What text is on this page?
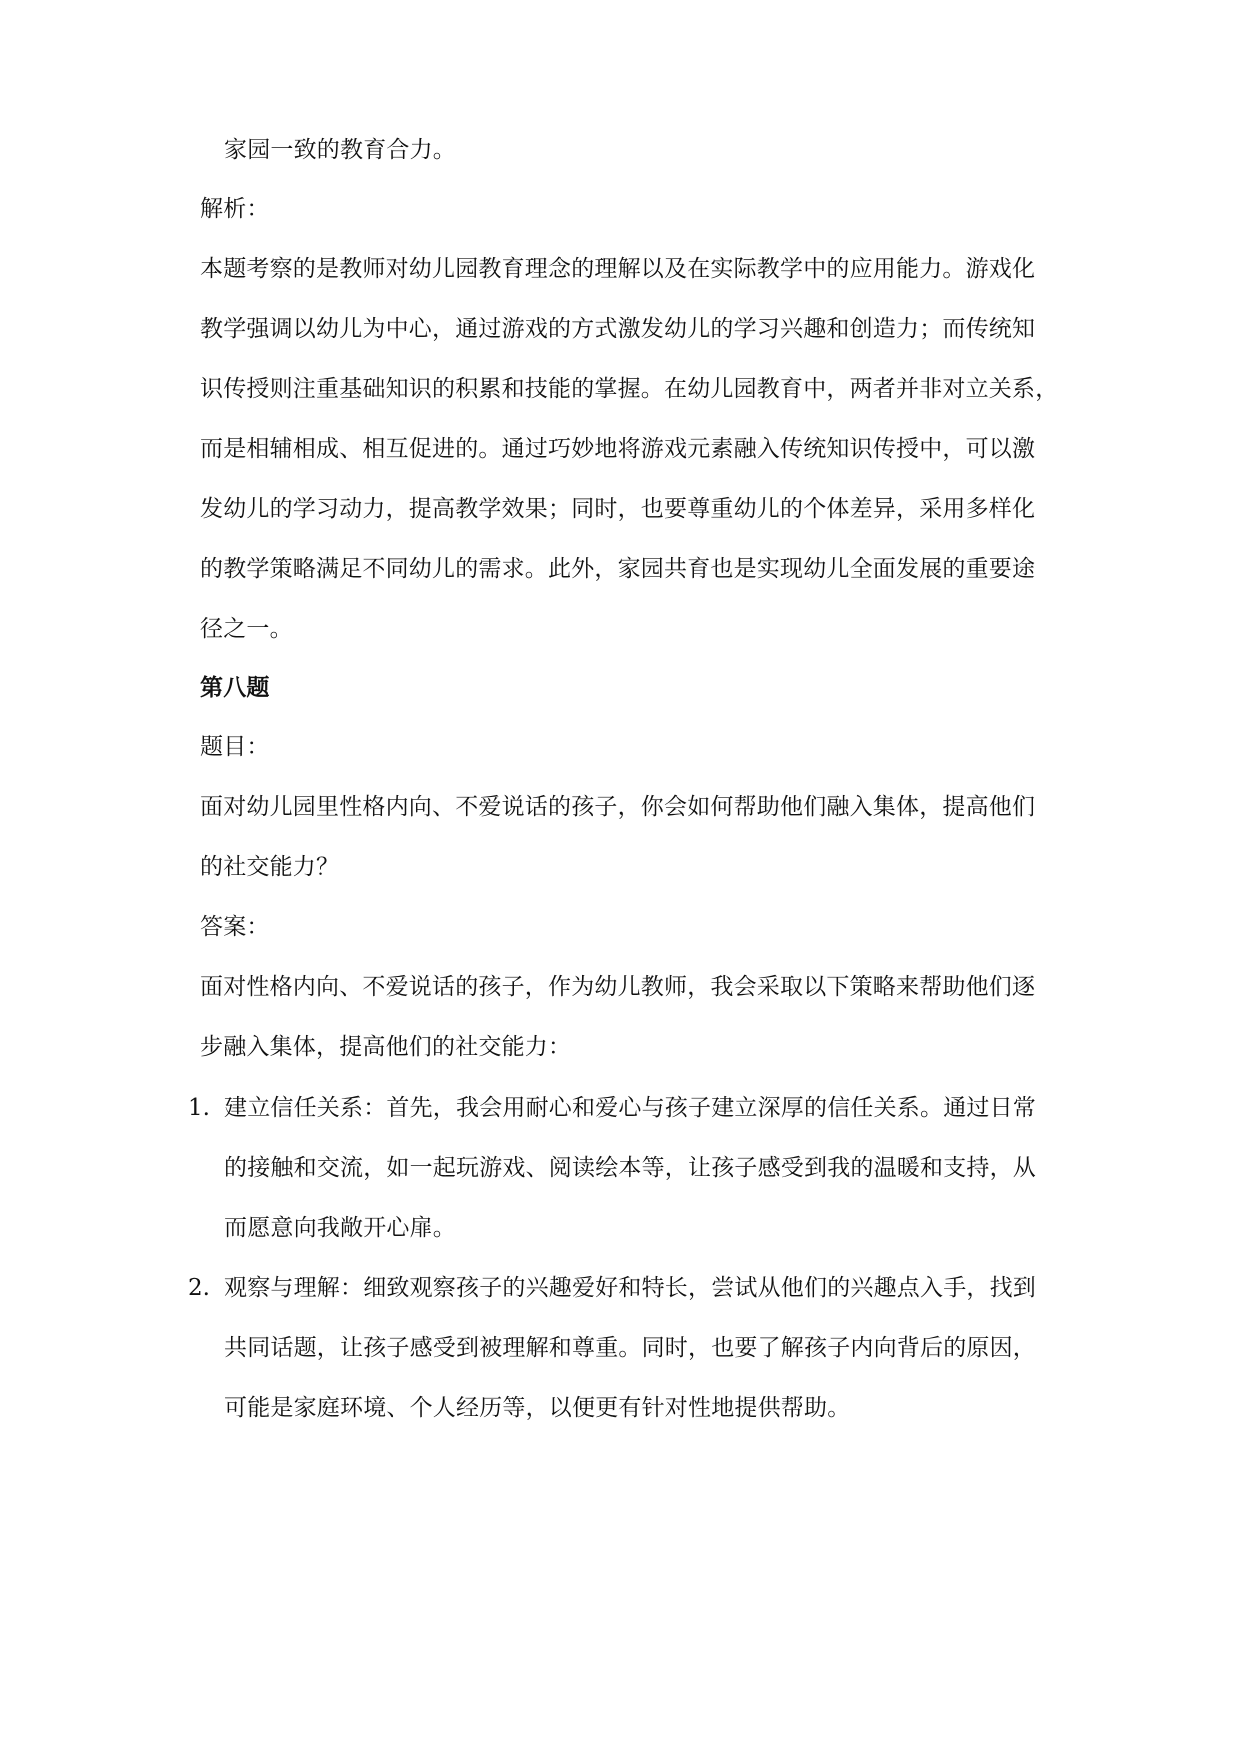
家园一致的教育合力。
解析：
本题考察的是教师对幼儿园教育理念的理解以及在实际教学中的应用能力。游戏化
教学强调以幼儿为中心，通过游戏的方式激发幼儿的学习兴趣和创造力；而传统知
识传授则注重基础知识的积累和技能的掌握。在幼儿园教育中，两者并非对立关系，
而是相辅相成、相互促进的。通过巧妙地将游戏元素融入传统知识传授中，可以激
发幼儿的学习动力，提高教学效果；同时，也要尊重幼儿的个体差异，采用多样化
的教学策略满足不同幼儿的需求。此外，家园共育也是实现幼儿全面发展的重要途
径之一。
第八题
题目：
面对幼儿园里性格内向、不爱说话的孩子，你会如何帮助他们融入集体，提高他们
的社交能力？
答案：
面对性格内向、不爱说话的孩子，作为幼儿教师，我会采取以下策略来帮助他们逐
步融入集体，提高他们的社交能力：
1. 建立信任关系：首先，我会用耐心和爱心与孩子建立深厚的信任关系。通过日常
的接触和交流，如一起玩游戏、阅读绘本等，让孩子感受到我的温暖和支持，从
而愿意向我敞开心扉。
2. 观察与理解：细致观察孩子的兴趣爱好和特长，尝试从他们的兴趣点入手，找到
共同话题，让孩子感受到被理解和尊重。同时，也要了解孩子内向背后的原因，
可能是家庭环境、个人经历等，以便更有针对性地提供帮助。
